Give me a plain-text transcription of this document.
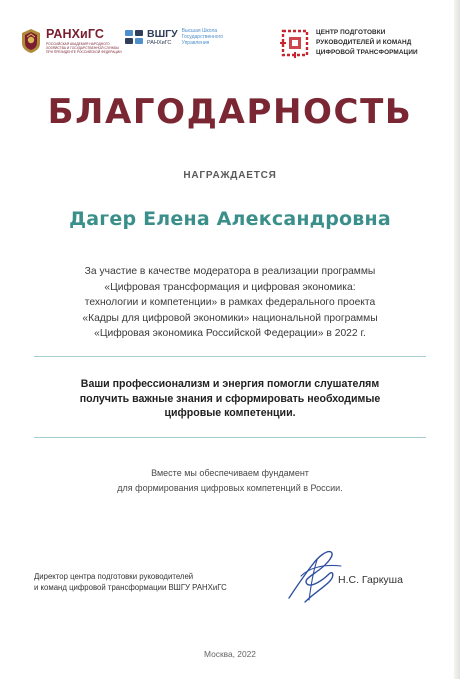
РАНХиГС
РОССИЙСКАЯ АКАДЕМИЯ НАРОДНОГО ХОЗЯЙСТВА И ГОСУДАРСТВЕННОЙ СЛУЖБЫ ПРИ ПРЕЗИДЕНТЕ РОССИЙСКОЙ ФЕДЕРАЦИИ
ВШГУ
РАНХиГС
Высшая Школа Государственного Управления
ЦЕНТР ПОДГОТОВКИ
РУКОВОДИТЕЛЕЙ И КОМАНД
ЦИФРОВОЙ ТРАНСФОРМАЦИИ
БЛАГОДАРНОСТЬ
НАГРАЖДАЕТСЯ
Дагер Елена Александровна
За участие в качестве модератора в реализации программы
«Цифровая трансформация и цифровая экономика:
технологии и компетенции» в рамках федерального проекта
«Кадры для цифровой экономики» национальной программы
«Цифровая экономика Российской Федерации» в 2022 г.
Ваши профессионализм и энергия помогли слушателям
получить важные знания и сформировать необходимые
цифровые компетенции.
Вместе мы обеспечиваем фундамент
для формирования цифровых компетенций в России.
Директор центра подготовки руководителей
и команд цифровой трансформации ВШГУ РАНХиГС
Н.С. Гаркуша
Москва, 2022
